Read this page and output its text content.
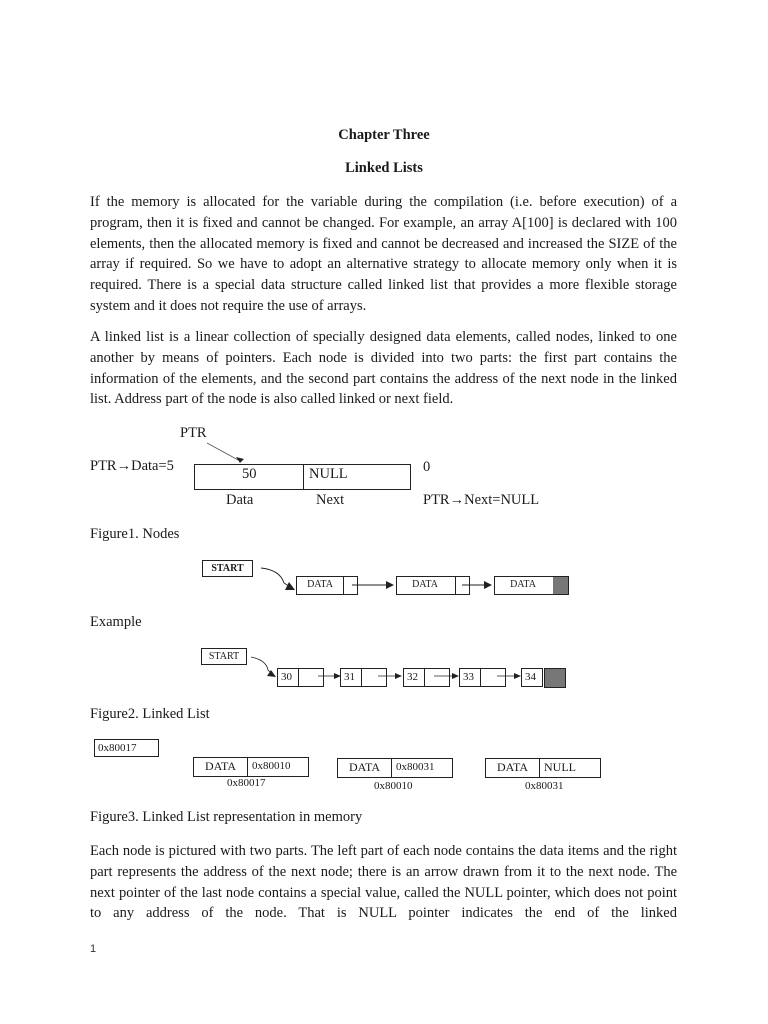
Chapter Three
Linked Lists
If the memory is allocated for the variable during the compilation (i.e. before execution) of a program, then it is fixed and cannot be changed. For example, an array A[100] is declared with 100 elements, then the allocated memory is fixed and cannot be decreased and increased the SIZE of the array if required. So we have to adopt an alternative strategy to allocate memory only when it is required. There is a special data structure called linked list that provides a more flexible storage system and it does not require the use of arrays.
A linked list is a linear collection of specially designed data elements, called nodes, linked to one another by means of pointers. Each node is divided into two parts: the first part contains the information of the elements, and the second part contains the address of the next node in the linked list. Address part of the node is also called linked or next field.
PTR
PTR→Data=5	50	NULL	0
Data	Next	PTR→Next=NULL
Figure1. Nodes
START
DATA	DATA	DATA
Example
START
30	31	32	33	34
Figure2. Linked List
0x80017
DATA	0x80010
0x80017
DATA	0x80031
0x80010
DATA	NULL
0x80031
Figure3. Linked List representation in memory
Each node is pictured with two parts. The left part of each node contains the data items and the right part represents the address of the next node; there is an arrow drawn from it to the next node. The next pointer of the last node contains a special value, called the NULL pointer, which does not point to any address of the node. That is NULL pointer indicates the end of the linked
1
